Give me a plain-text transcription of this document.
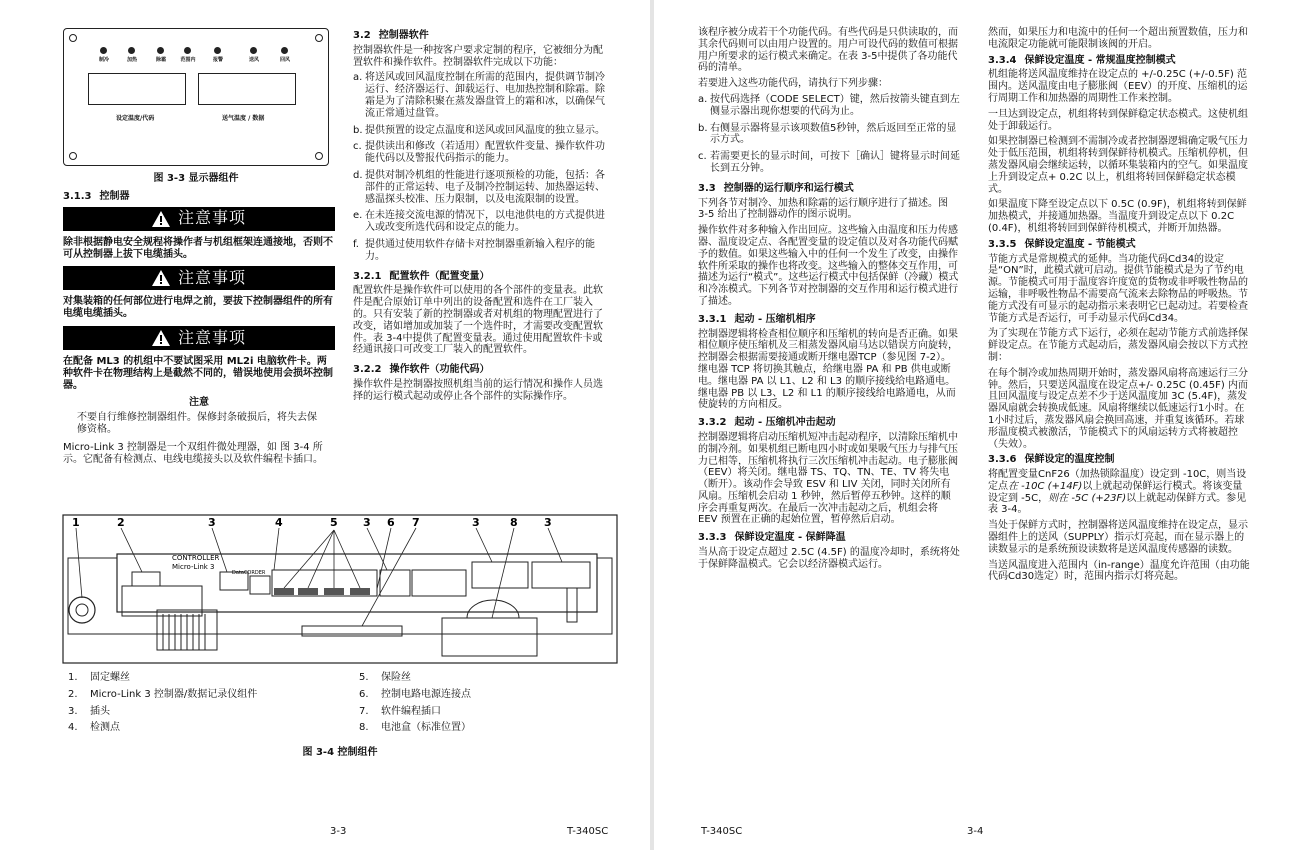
制冷	加热	除霜	范围内	报警	送风	回风
设定温度/代码	送气温度 / 数据
图 3-3 显示器组件
3.1.3 控制器
注意事项
除非根据静电安全规程将操作者与机组框架连通接地，否则不可从控制器上拔下电缆插头。
注意事项
对集装箱的任何部位进行电焊之前，要拔下控制器组件的所有电缆电缆插头。
注意事项
在配备 ML3 的机组中不要试图采用 ML2i 电脑软件卡。两种软件卡在物理结构上是截然不同的，错误地使用会损坏控制器。
注意
不要自行维修控制器组件。保修封条破损后，将失去保修资格。
Micro-Link 3 控制器是一个双组件微处理器，如 图 3-4 所示。它配备有检测点、电线电缆接头以及软件编程卡插口。
3.2 控制器软件

控制器软件是一种按客户要求定制的程序，它被细分为配置软件和操作软件。控制器软件完成以下功能：

a. 将送风或回风温度控制在所需的范围内，提供调节制冷运行、经济器运行、卸载运行、电加热控制和除霜。除霜是为了清除积聚在蒸发器盘管上的霜和冰，以确保气流正常通过盘管。
b. 提供预置的设定点温度和送风或回风温度的独立显示。
c. 提供读出和修改（若适用）配置软件变量、操作软件功能代码以及警报代码指示的能力。
d. 提供对制冷机组的性能进行逐项预检的功能，包括：各部件的正常运转、电子及制冷控制运转、加热器运转、感温探头校准、压力限制，以及电流限制的设置。
e. 在未连接交流电源的情况下，以电池供电的方式提供进入或改变所选代码和设定点的能力。
f. 提供通过使用软件存储卡对控制器重新输入程序的能力。
3.2.1 配置软件（配置变量）

配置软件是操作软件可以使用的各个部件的变量表。此软件是配合原始订单中列出的设备配置和选件在工厂装入的。只有安装了新的控制器或者对机组的物理配置进行了改变，诸如增加或加装了一个选件时，才需要改变配置软件。表 3-4中提供了配置变量表。通过使用配置软件卡或经通讯接口可改变工厂装入的配置软件。

3.2.2 操作软件（功能代码）

操作软件是控制器按照机组当前的运行情况和操作人员选择的运行模式起动或停止各个部件的实际操作序。

CONTROLLER
Micro-Link 3
DataCORDER
1	2	3	4	5 3 6 7	3	8 3
1. 固定螺丝
2. Micro-Link 3 控制器/数据记录仪组件
3. 插头
4. 检测点
5. 保险丝
6. 控制电路电源连接点
7. 软件编程插口
8. 电池盒（标准位置）
图 3-4 控制组件
3-3	T-340SC

该程序被分成若干个功能代码。有些代码是只供读取的，而其余代码则可以由用户设置的。用户可设代码的数值可根据用户所要求的运行模式来确定。在表 3-5中提供了各功能代码的清单。

若要进入这些功能代码，请执行下列步骤：

a. 按代码选择（CODE SELECT）键，然后按箭头键直到左侧显示器出现你想要的代码为止。
b. 右侧显示器将显示该项数值5秒钟，然后返回至正常的显示方式。
c. 若需要更长的显示时间，可按下［确认］键将显示时间延长到五分钟。
3.3 控制器的运行顺序和运行模式

下列各节对制冷、加热和除霜的运行顺序进行了描述。图 3-5 给出了控制器动作的图示说明。

操作软件对多种输入作出回应。这些输入由温度和压力传感器、温度设定点、各配置变量的设定值以及对各功能代码赋予的数值。如果这些输入中的任何一个发生了改变，由操作软件所采取的操作也将改变。这些输入的整体交互作用，可描述为运行“模式”。这些运行模式中包括保鲜（冷藏）模式和冷冻模式。下列各节对控制器的交互作用和运行模式进行了描述。

3.3.1 起动 - 压缩机相序

控制器逻辑将检查相位顺序和压缩机的转向是否正确。如果相位顺序使压缩机及三相蒸发器风扇马达以错误方向旋转，控制器会根据需要接通或断开继电器TCP（参见图 7-2）。继电器 TCP 将切换其触点，给继电器 PA 和 PB 供电或断电。继电器 PA 以 L1、L2 和 L3 的顺序接线给电路通电。继电器 PB 以 L3、L2 和 L1 的顺序接线给电路通电，从而使旋转的方向相反。

3.3.2 起动 - 压缩机冲击起动

控制器逻辑将启动压缩机短冲击起动程序，以清除压缩机中的制冷剂。如果机组已断电四小时或如果吸气压力与排气压力已相等，压缩机将执行三次压缩机冲击起动。电子膨胀阀（EEV）将关闭。继电器 TS、TQ、TN、TE、TV 将失电（断开）。该动作会导致 ESV 和 LIV 关闭，同时关闭所有风扇。压缩机会启动 1 秒钟，然后暂停五秒钟。这样的顺序会再重复两次。在最后一次冲击起动之后，机组会将 EEV 预置在正确的起始位置，暂停然后启动。

3.3.3 保鲜设定温度 - 保鲜降温

当从高于设定点超过 2.5C (4.5F) 的温度冷却时，系统将处于保鲜降温模式。它会以经济器模式运行。

然而，如果压力和电流中的任何一个超出预置数值，压力和电流限定功能就可能限制该阀的开启。

3.3.4 保鲜设定温度 - 常规温度控制模式

机组能将送风温度维持在设定点的 +/-0.25C (+/-0.5F) 范围内。送风温度由电子膨胀阀（EEV）的开度、压缩机的运行周期工作和加热器的周期性工作来控制。

一旦达到设定点，机组将转到保鲜稳定状态模式。这使机组处于卸载运行。

如果控制器已检测到不需制冷或者控制器逻辑确定吸气压力处于低压范围，机组将转到保鲜待机模式。压缩机停机，但蒸发器风扇会继续运转，以循环集装箱内的空气。如果温度上升到设定点+ 0.2C 以上，机组将转回保鲜稳定状态模式。

如果温度下降至设定点以下 0.5C (0.9F)，机组将转到保鲜加热模式，并接通加热器。当温度升到设定点以下 0.2C (0.4F)，机组将转回到保鲜待机模式，并断开加热器。

3.3.5 保鲜设定温度 - 节能模式

节能方式是常规模式的延伸。当功能代码Cd34的设定是“ON”时，此模式就可启动。提供节能模式是为了节约电源。节能模式可用于温度容许度宽的货物或非呼吸性物品的运输，非呼吸性物品不需要高气流来去除物品的呼吸热。节能方式没有可显示的起动指示来表明它已起动过。若要检查节能方式是否运行，可手动显示代码Cd34。

为了实现在节能方式下运行，必须在起动节能方式前选择保鲜设定点。在节能方式起动后，蒸发器风扇会按以下方式控制：

在每个制冷或加热周期开始时，蒸发器风扇将高速运行三分钟。然后，只要送风温度在设定点+/- 0.25C (0.45F) 内而且回风温度与设定点差不少于送风温度加 3C (5.4F)，蒸发器风扇就会转换成低速。风扇将继续以低速运行1小时。在1小时过后，蒸发器风扇会换回高速，并重复该循环。若球形温度模式被激活，节能模式下的风扇运转方式将被超控（失效）。

3.3.6 保鲜设定的温度控制

将配置变量CnF26（加热锁除温度）设定到 -10C，则当设定点在 -10C (+14F)以上就起动保鲜运行模式。将该变量设定到 -5C，则在 -5C (+23F)以上就起动保鲜方式。参见 表 3-4。

当处于保鲜方式时，控制器将送风温度维持在设定点，显示器组件上的送风（SUPPLY）指示灯亮起，而在显示器上的读数显示的是系统预设读数将是送风温度传感器的读数。

当送风温度进入范围内（in-range）温度允许范围（由功能代码Cd30选定）时，范围内指示灯将亮起。

T-340SC	3-4
